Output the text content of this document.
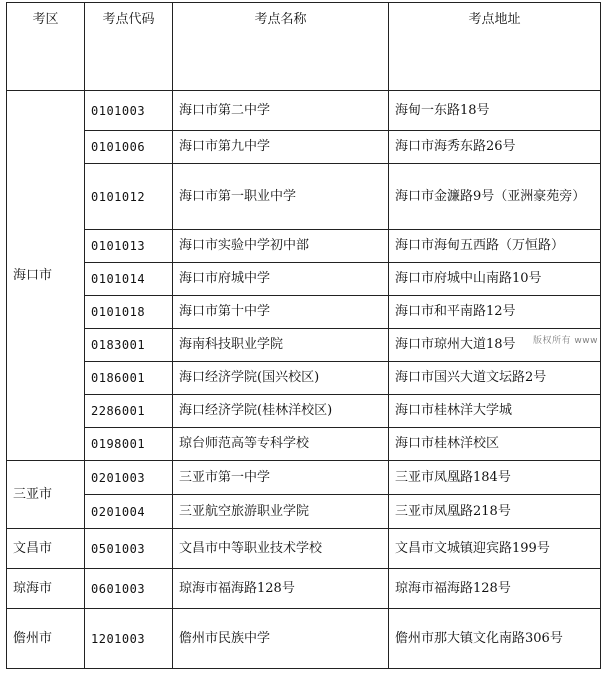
考区	考点代码	考点名称	考点地址
海口市	0101003	海口市第二中学	海甸一东路18号
	0101006	海口市第九中学	海口市海秀东路26号
	0101012	海口市第一职业中学	海口市金濂路9号（亚洲豪苑旁）
	0101013	海口市实验中学初中部	海口市海甸五西路（万恒路）
	0101014	海口市府城中学	海口市府城中山南路10号
	0101018	海口市第十中学	海口市和平南路12号
	0183001	海南科技职业学院	海口市琼州大道18号
	0186001	海口经济学院(国兴校区)	海口市国兴大道文坛路2号
	2286001	海口经济学院(桂林洋校区)	海口市桂林洋大学城
	0198001	琼台师范高等专科学校	海口市桂林洋校区
三亚市	0201003	三亚市第一中学	三亚市凤凰路184号
	0201004	三亚航空旅游职业学院	三亚市凤凰路218号
文昌市	0501003	文昌市中等职业技术学校	文昌市文城镇迎宾路199号
琼海市	0601003	琼海市福海路128号	琼海市福海路128号
儋州市	1201003	儋州市民族中学	儋州市那大镇文化南路306号
版权所有 www
